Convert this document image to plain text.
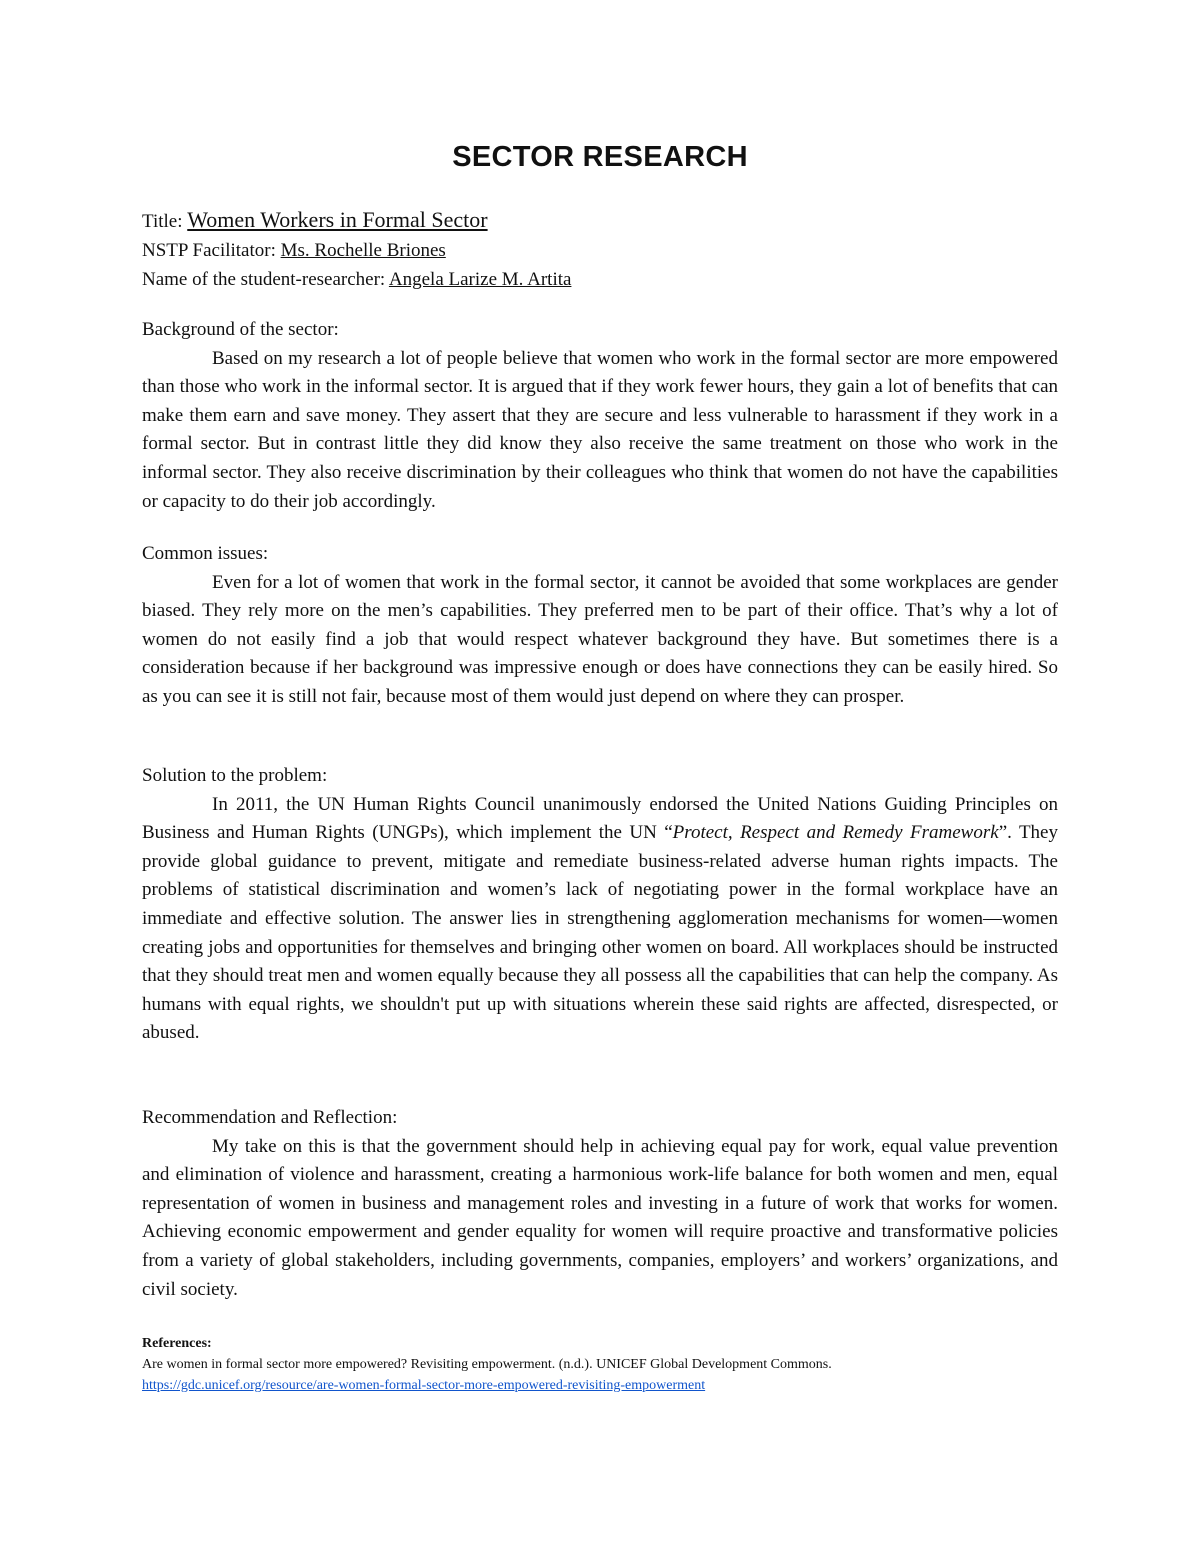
SECTOR RESEARCH
Title: Women Workers in Formal Sector
NSTP Facilitator: Ms. Rochelle Briones
Name of the student-researcher: Angela Larize M. Artita
Background of the sector:

Based on my research a lot of people believe that women who work in the formal sector are more empowered than those who work in the informal sector. It is argued that if they work fewer hours, they gain a lot of benefits that can make them earn and save money. They assert that they are secure and less vulnerable to harassment if they work in a formal sector. But in contrast little they did know they also receive the same treatment on those who work in the informal sector. They also receive discrimination by their colleagues who think that women do not have the capabilities or capacity to do their job accordingly.

Common issues:

Even for a lot of women that work in the formal sector, it cannot be avoided that some workplaces are gender biased. They rely more on the men’s capabilities. They preferred men to be part of their office. That’s why a lot of women do not easily find a job that would respect whatever background they have. But sometimes there is a consideration because if her background was impressive enough or does have connections they can be easily hired. So as you can see it is still not fair, because most of them would just depend on where they can prosper.

Solution to the problem:

In 2011, the UN Human Rights Council unanimously endorsed the United Nations Guiding Principles on Business and Human Rights (UNGPs), which implement the UN “Protect, Respect and Remedy Framework”. They provide global guidance to prevent, mitigate and remediate business-related adverse human rights impacts. The problems of statistical discrimination and women’s lack of negotiating power in the formal workplace have an immediate and effective solution. The answer lies in strengthening agglomeration mechanisms for women—women creating jobs and opportunities for themselves and bringing other women on board. All workplaces should be instructed that they should treat men and women equally because they all possess all the capabilities that can help the company. As humans with equal rights, we shouldn't put up with situations wherein these said rights are affected, disrespected, or abused.

Recommendation and Reflection:

My take on this is that the government should help in achieving equal pay for work, equal value prevention and elimination of violence and harassment, creating a harmonious work-life balance for both women and men, equal representation of women in business and management roles and investing in a future of work that works for women. Achieving economic empowerment and gender equality for women will require proactive and transformative policies from a variety of global stakeholders, including governments, companies, employers’ and workers’ organizations, and civil society.

References:
Are women in formal sector more empowered? Revisiting empowerment. (n.d.). UNICEF Global Development Commons.
https://gdc.unicef.org/resource/are-women-formal-sector-more-empowered-revisiting-empowerment
